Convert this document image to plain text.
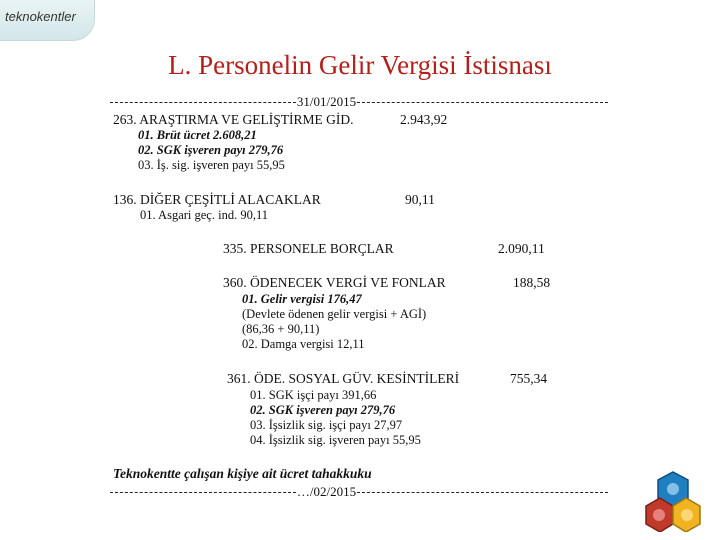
teknokentler
L. Personelin Gelir Vergisi İstisnası
31/01/2015
263. ARAŞTIRMA VE GELİŞTİRME GİD.	2.943,92
01. Brüt ücret 2.608,21
02. SGK işveren payı 279,76
03. İş. sig. işveren payı 55,95
136. DİĞER ÇEŞİTLİ ALACAKLAR	90,11
01. Asgari geç. ind. 90,11
335. PERSONELE BORÇLAR	2.090,11
360. ÖDENECEK VERGİ VE FONLAR	188,58
01. Gelir vergisi 176,47
(Devlete ödenen gelir vergisi + AGİ)
(86,36 + 90,11)
02. Damga vergisi 12,11
361. ÖDE. SOSYAL GÜV. KESİNTİLERİ	755,34
01. SGK işçi payı 391,66
02. SGK işveren payı 279,76
03. İşsizlik sig. işçi payı 27,97
04. İşsizlik sig. işveren payı 55,95
Teknokentte çalışan kişiye ait ücret tahakkuku
…/02/2015
